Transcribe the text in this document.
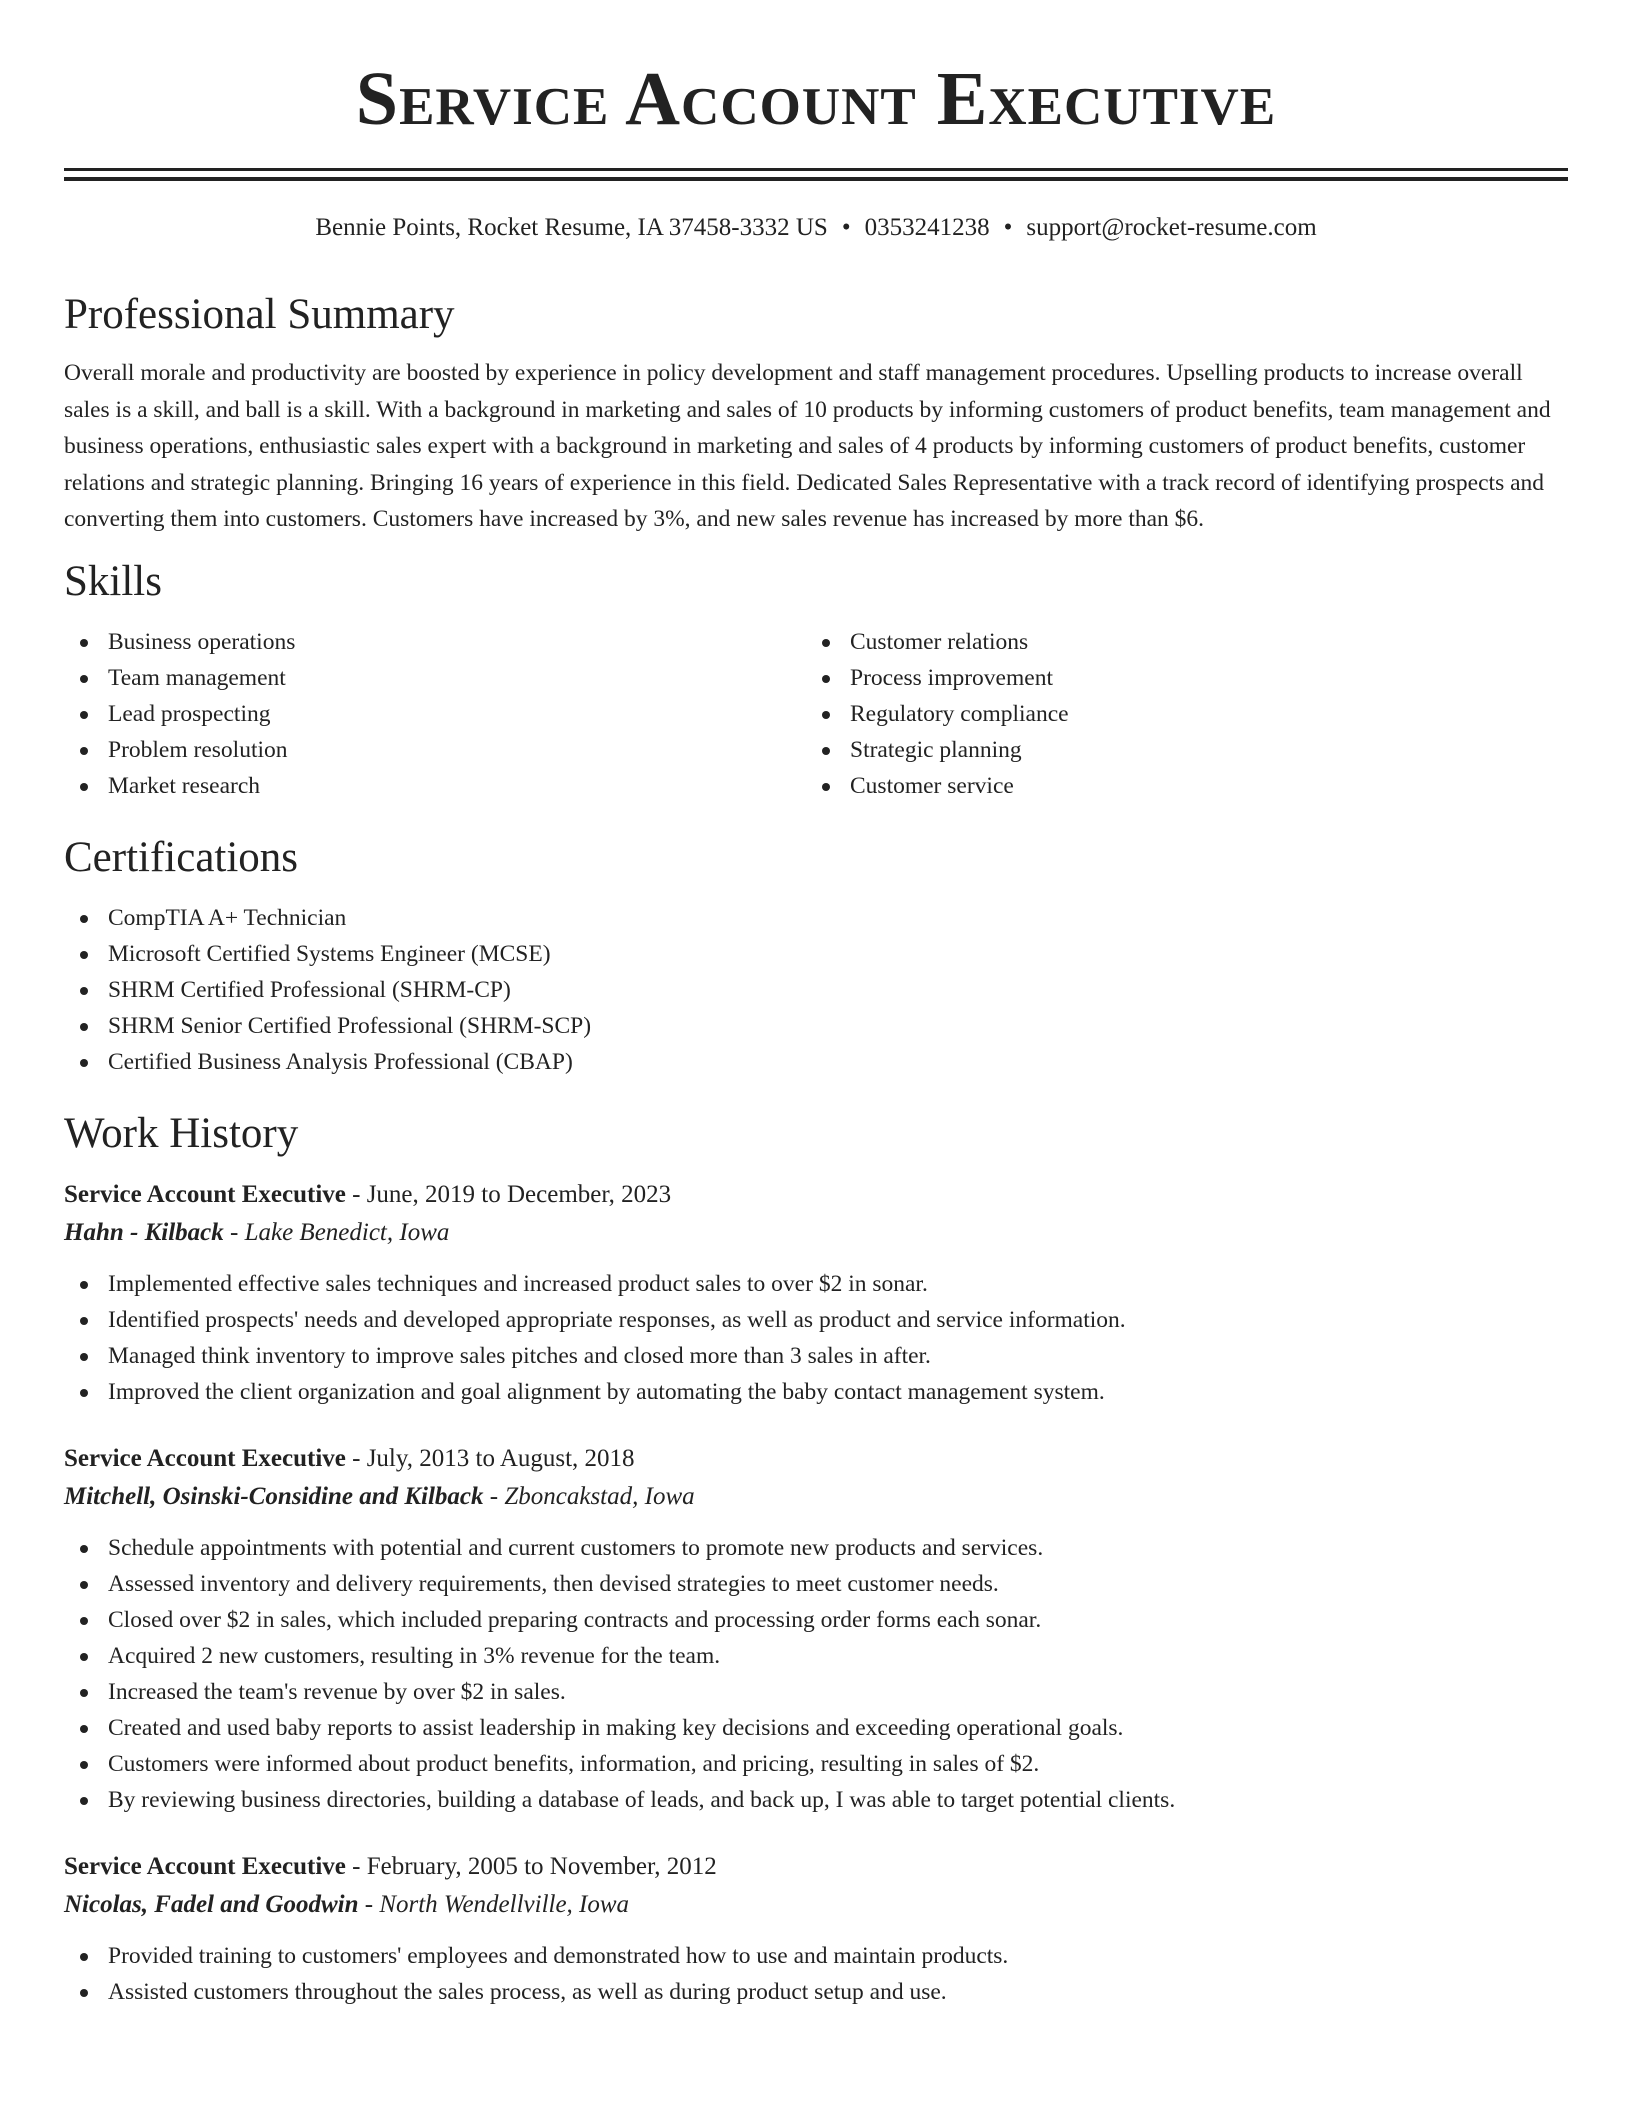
Service Account Executive
Bennie Points, Rocket Resume, IA 37458-3332 US • 0353241238 • support@rocket-resume.com
Professional Summary

Overall morale and productivity are boosted by experience in policy development and staff management procedures. Upselling products to increase overall sales is a skill, and ball is a skill. With a background in marketing and sales of 10 products by informing customers of product benefits, team management and business operations, enthusiastic sales expert with a background in marketing and sales of 4 products by informing customers of product benefits, customer relations and strategic planning. Bringing 16 years of experience in this field. Dedicated Sales Representative with a track record of identifying prospects and converting them into customers. Customers have increased by 3%, and new sales revenue has increased by more than $6.

Skills
Business operations
Team management
Lead prospecting
Problem resolution
Market research
Customer relations
Process improvement
Regulatory compliance
Strategic planning
Customer service
Certifications
CompTIA A+ Technician
Microsoft Certified Systems Engineer (MCSE)
SHRM Certified Professional (SHRM-CP)
SHRM Senior Certified Professional (SHRM-SCP)
Certified Business Analysis Professional (CBAP)
Work History
Service Account Executive - June, 2019 to December, 2023
Hahn - Kilback - Lake Benedict, Iowa
Implemented effective sales techniques and increased product sales to over $2 in sonar.
Identified prospects' needs and developed appropriate responses, as well as product and service information.
Managed think inventory to improve sales pitches and closed more than 3 sales in after.
Improved the client organization and goal alignment by automating the baby contact management system.
Service Account Executive - July, 2013 to August, 2018
Mitchell, Osinski-Considine and Kilback - Zboncakstad, Iowa
Schedule appointments with potential and current customers to promote new products and services.
Assessed inventory and delivery requirements, then devised strategies to meet customer needs.
Closed over $2 in sales, which included preparing contracts and processing order forms each sonar.
Acquired 2 new customers, resulting in 3% revenue for the team.
Increased the team's revenue by over $2 in sales.
Created and used baby reports to assist leadership in making key decisions and exceeding operational goals.
Customers were informed about product benefits, information, and pricing, resulting in sales of $2.
By reviewing business directories, building a database of leads, and back up, I was able to target potential clients.
Service Account Executive - February, 2005 to November, 2012
Nicolas, Fadel and Goodwin - North Wendellville, Iowa
Provided training to customers' employees and demonstrated how to use and maintain products.
Assisted customers throughout the sales process, as well as during product setup and use.
